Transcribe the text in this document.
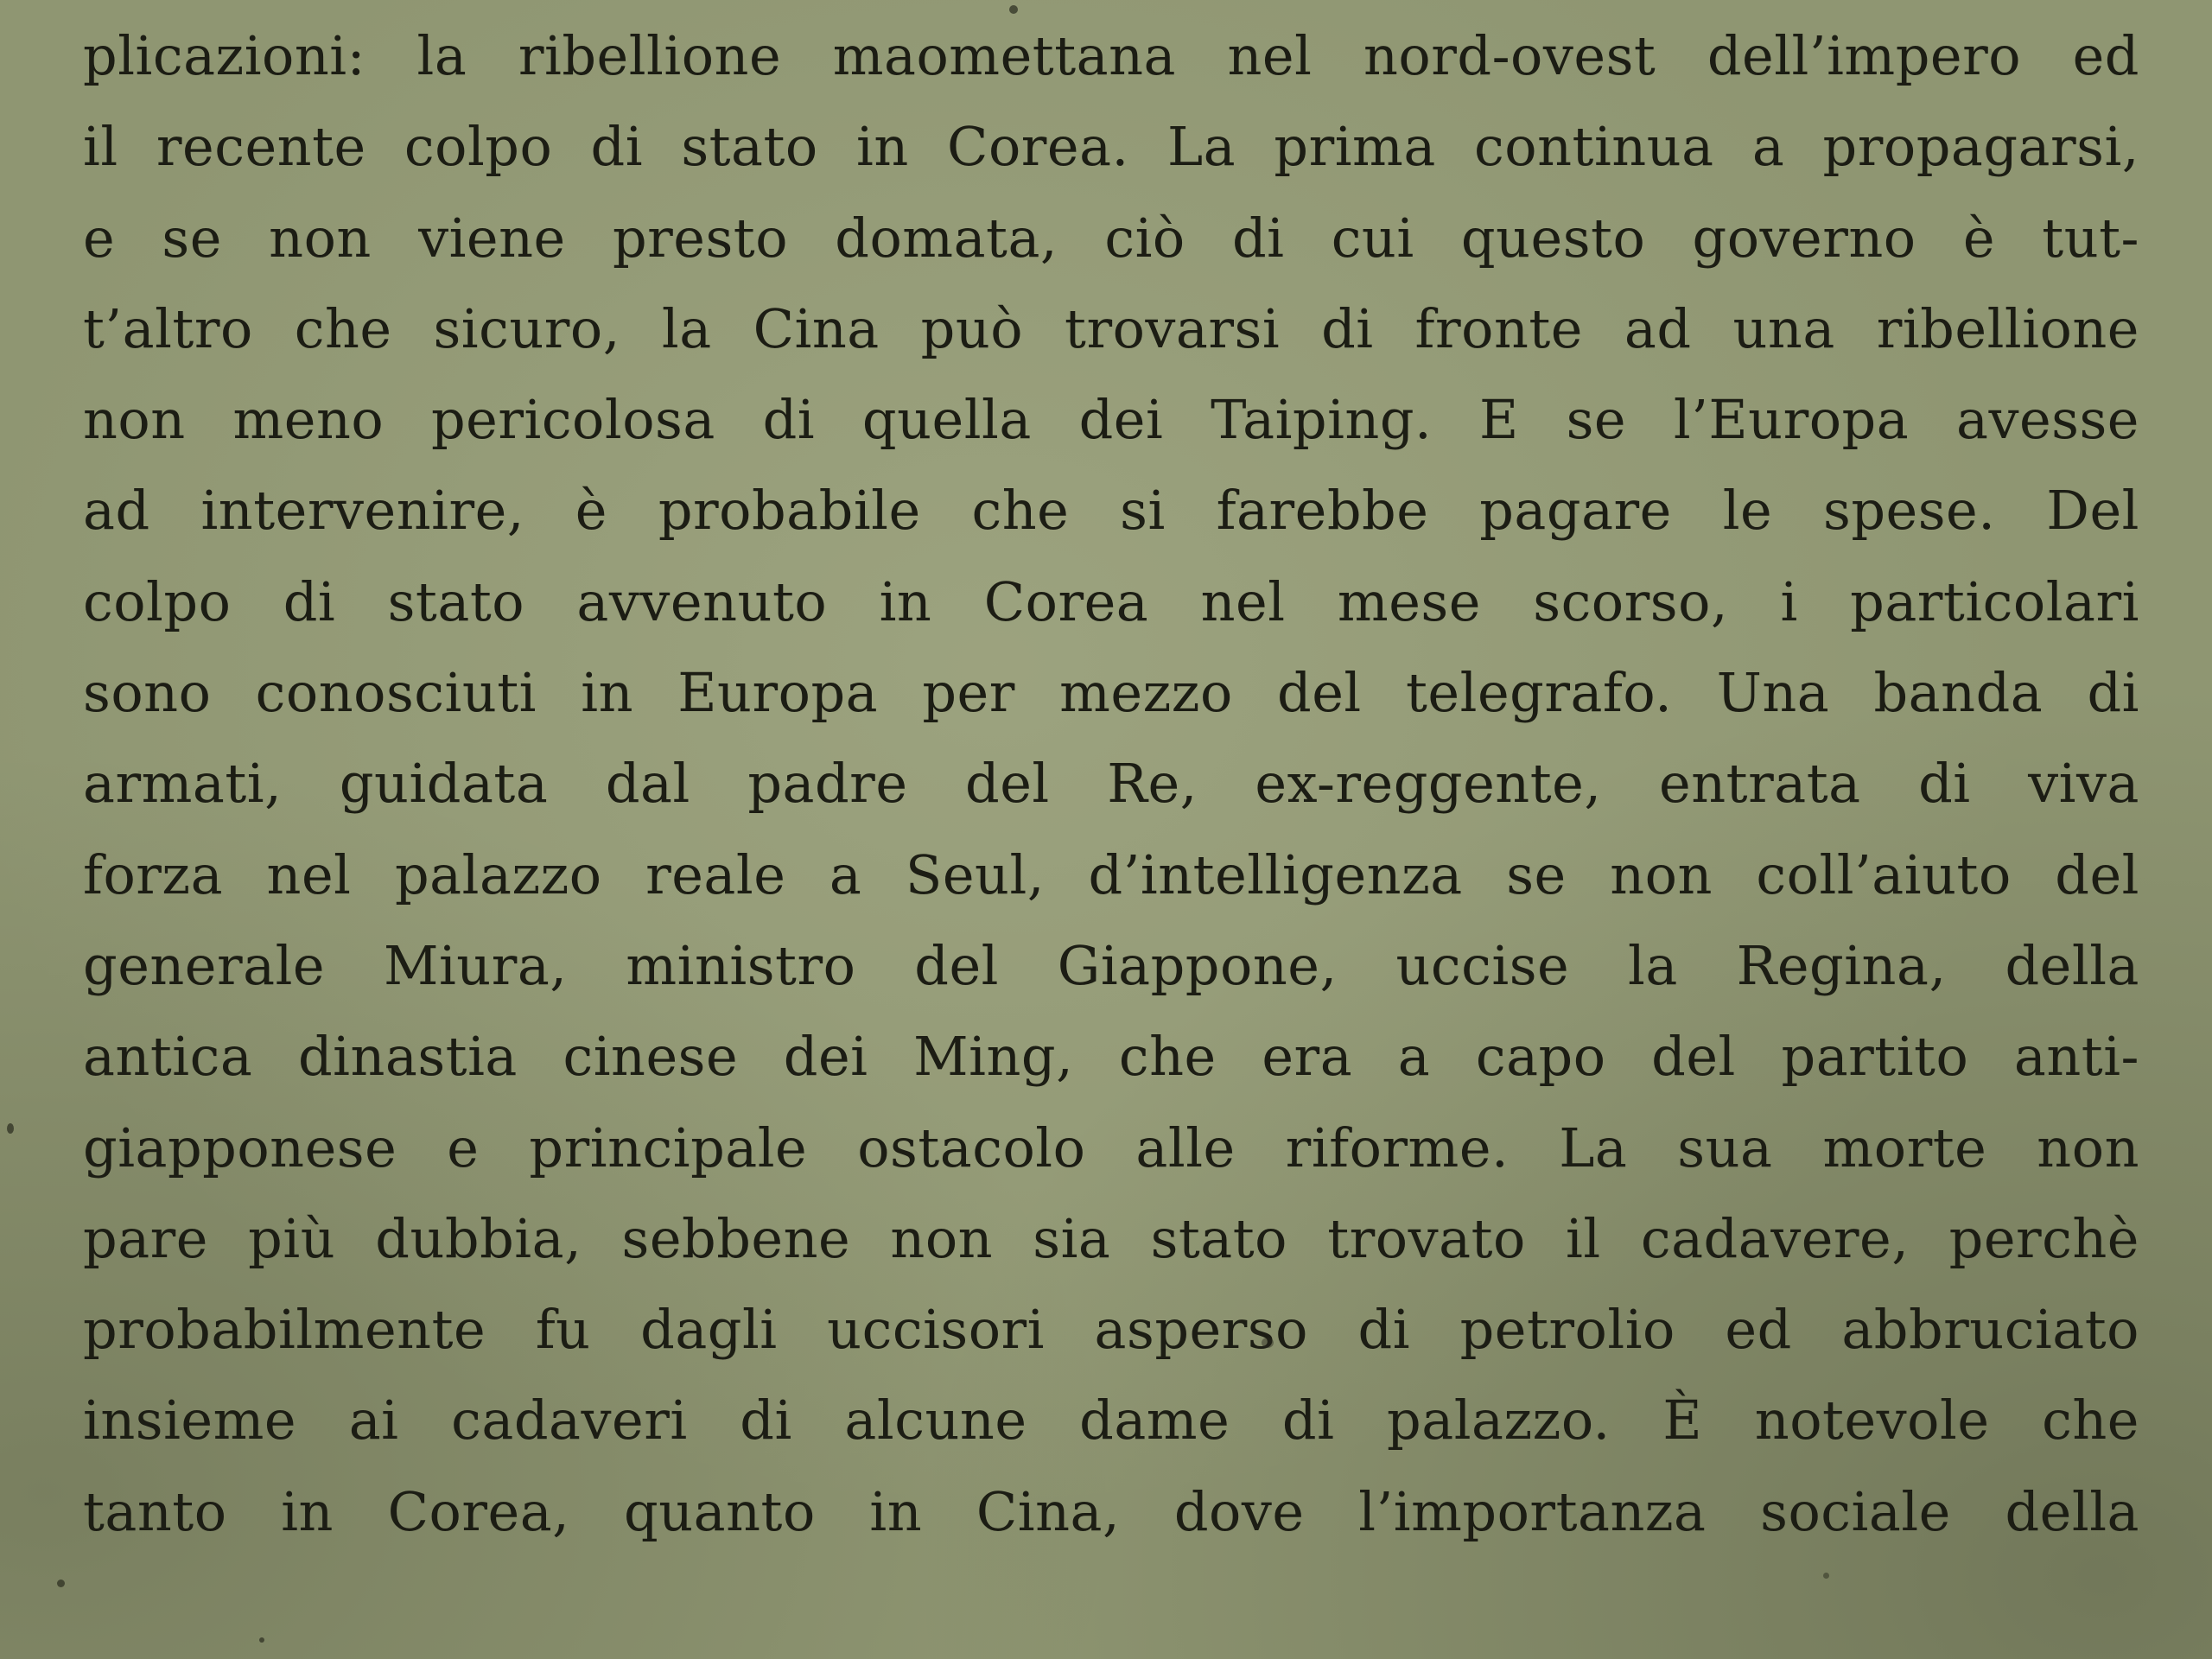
plicazioni: la ribellione maomettana nel nord-ovest dell’impero ed
il recente colpo di stato in Corea. La prima continua a propagarsi,
e se non viene presto domata, ciò di cui questo governo è tut-
t’altro che sicuro, la Cina può trovarsi di fronte ad una ribellione
non meno pericolosa di quella dei Taiping. E se l’Europa avesse
ad intervenire, è probabile che si farebbe pagare le spese. Del
colpo di stato avvenuto in Corea nel mese scorso, i particolari
sono conosciuti in Europa per mezzo del telegrafo. Una banda di
armati, guidata dal padre del Re, ex-reggente, entrata di viva
forza nel palazzo reale a Seul, d’intelligenza se non coll’aiuto del
generale Miura, ministro del Giappone, uccise la Regina, della
antica dinastia cinese dei Ming, che era a capo del partito anti-
giapponese e principale ostacolo alle riforme. La sua morte non
pare più dubbia, sebbene non sia stato trovato il cadavere, perchè
probabilmente fu dagli uccisori asperso di petrolio ed abbruciato
insieme ai cadaveri di alcune dame di palazzo. È notevole che
tanto in Corea, quanto in Cina, dove l’importanza sociale della
